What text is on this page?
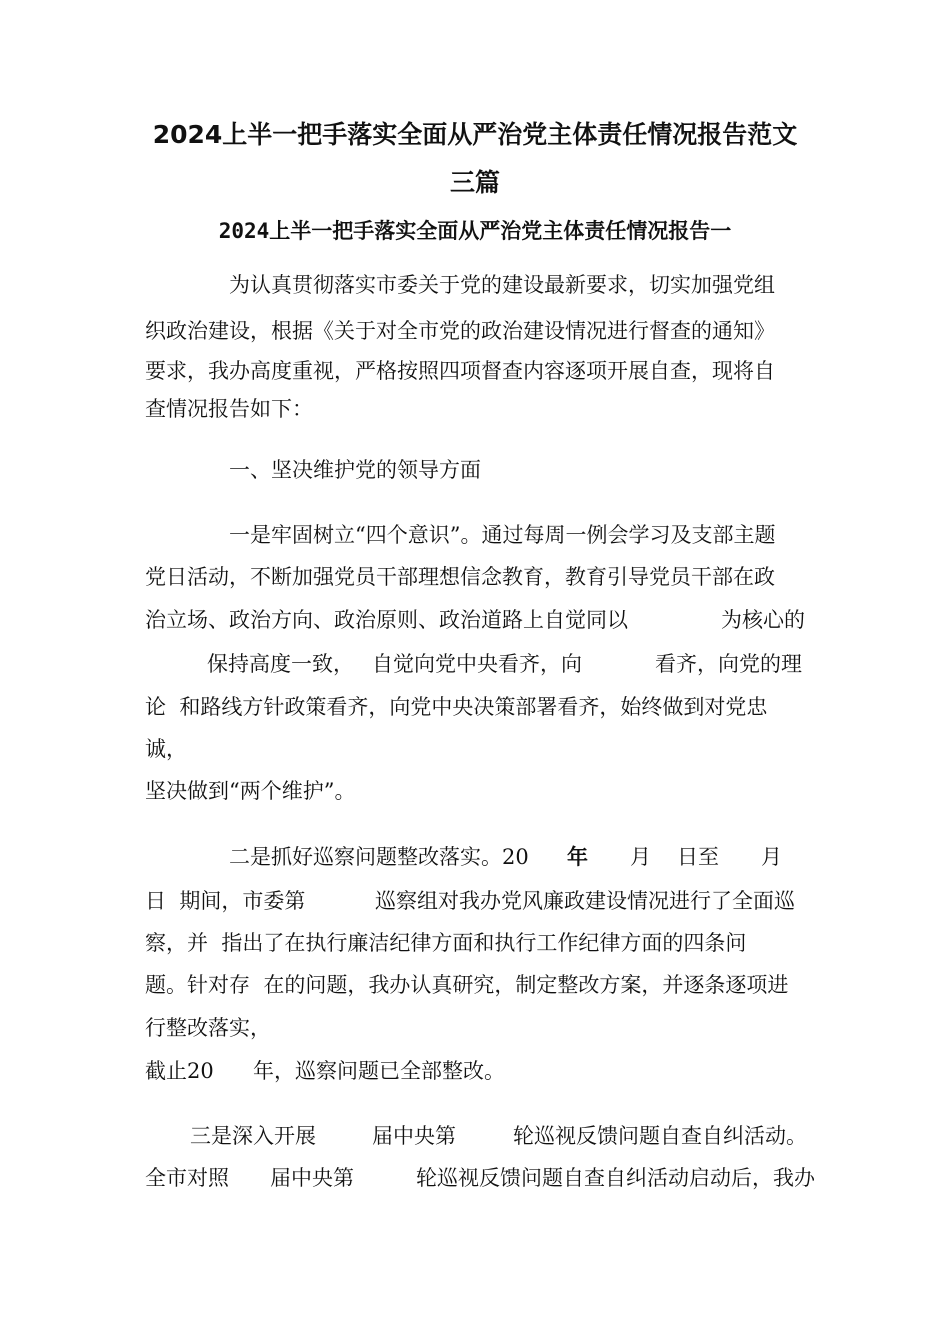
2024上半一把手落实全面从严治党主体责任情况报告范文
三篇
2024上半一把手落实全面从严治党主体责任情况报告一
为认真贯彻落实市委关于党的建设最新要求，切实加强党组
织政治建设，根据《关于对全市党的政治建设情况进行督查的通知》
要求，我办高度重视，严格按照四项督查内容逐项开展自查，现将自
查情况报告如下：
一、坚决维护党的领导方面
一是牢固树立“四个意识”。通过每周一例会学习及支部主题
党日活动，不断加强党员干部理想信念教育，教育引导党员干部在政
治立场、政治方向、政治原则、政治道路上自觉同以	为核心的
保持高度一致， 自觉向党中央看齐，向	看齐，向党的理
论  和路线方针政策看齐，向党中央决策部署看齐，始终做到对党忠
诚，
坚决做到“两个维护”。
二是抓好巡察问题整改落实。20 年 月 日至 月
日  期间，市委第	巡察组对我办党风廉政建设情况进行了全面巡
察，并  指出了在执行廉洁纪律方面和执行工作纪律方面的四条问
题。针对存  在的问题，我办认真研究，制定整改方案，并逐条逐项进
行整改落实，
截止20 年，巡察问题已全部整改。
三是深入开展	届中央第	轮巡视反馈问题自查自纠活动。
全市对照 届中央第	轮巡视反馈问题自查自纠活动启动后，我办
